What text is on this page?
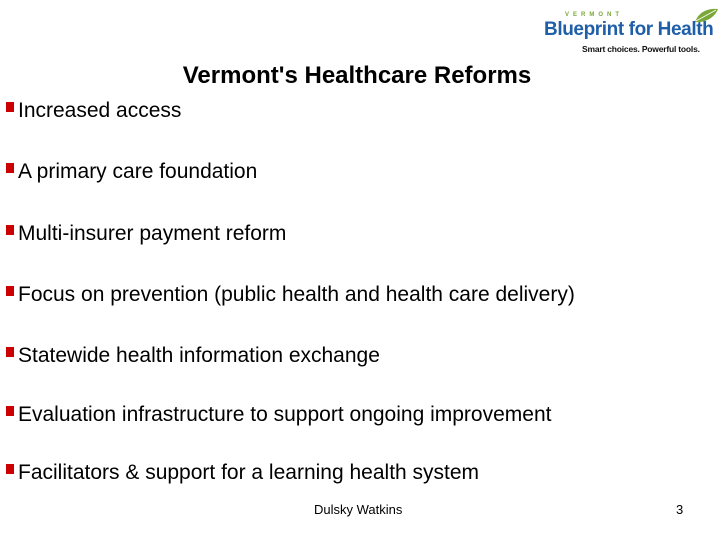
VERMONT
Blueprint for Health
Smart choices. Powerful tools.
Vermont's Healthcare Reforms
Increased access
A primary care foundation
Multi-insurer payment reform
Focus on prevention (public health and health care delivery)
Statewide health information exchange
Evaluation infrastructure to support ongoing improvement
Facilitators & support for a learning health system
Dulsky Watkins	3
